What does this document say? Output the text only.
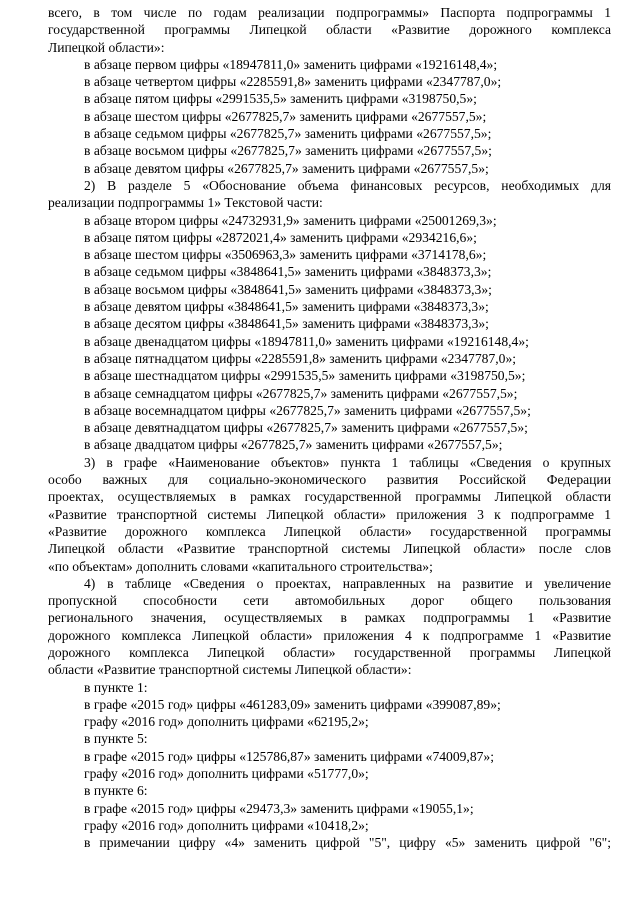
всего, в том числе по годам реализации подпрограммы» Паспорта подпрограммы 1
государственной программы Липецкой области «Развитие дорожного комплекса
Липецкой области»:
в абзаце первом цифры «18947811,0» заменить цифрами «19216148,4»;
в абзаце четвертом цифры «2285591,8» заменить цифрами «2347787,0»;
в абзаце пятом цифры «2991535,5» заменить цифрами «3198750,5»;
в абзаце шестом цифры «2677825,7» заменить цифрами «2677557,5»;
в абзаце седьмом цифры «2677825,7» заменить цифрами «2677557,5»;
в абзаце восьмом цифры «2677825,7» заменить цифрами «2677557,5»;
в абзаце девятом цифры «2677825,7» заменить цифрами «2677557,5»;
2) В разделе 5 «Обоснование объема финансовых ресурсов, необходимых для
реализации подпрограммы 1» Текстовой части:
в абзаце втором цифры «24732931,9» заменить цифрами «25001269,3»;
в абзаце пятом цифры «2872021,4» заменить цифрами «2934216,6»;
в абзаце шестом цифры «3506963,3» заменить цифрами «3714178,6»;
в абзаце седьмом цифры «3848641,5» заменить цифрами «3848373,3»;
в абзаце восьмом цифры «3848641,5» заменить цифрами «3848373,3»;
в абзаце девятом цифры «3848641,5» заменить цифрами «3848373,3»;
в абзаце десятом цифры «3848641,5» заменить цифрами «3848373,3»;
в абзаце двенадцатом цифры «18947811,0» заменить цифрами «19216148,4»;
в абзаце пятнадцатом цифры «2285591,8» заменить цифрами «2347787,0»;
в абзаце шестнадцатом цифры «2991535,5» заменить цифрами «3198750,5»;
в абзаце семнадцатом цифры «2677825,7» заменить цифрами «2677557,5»;
в абзаце восемнадцатом цифры «2677825,7» заменить цифрами «2677557,5»;
в абзаце девятнадцатом цифры «2677825,7» заменить цифрами «2677557,5»;
в абзаце двадцатом цифры «2677825,7» заменить цифрами «2677557,5»;
3) в графе «Наименование объектов» пункта 1 таблицы «Сведения о крупных
особо важных для социально-экономического развития Российской Федерации
проектах, осуществляемых в рамках государственной программы Липецкой области
«Развитие транспортной системы Липецкой области» приложения 3 к подпрограмме 1
«Развитие дорожного комплекса Липецкой области» государственной программы
Липецкой области «Развитие транспортной системы Липецкой области» после слов
«по объектам» дополнить словами «капитального строительства»;
4) в таблице «Сведения о проектах, направленных на развитие и увеличение
пропускной способности сети автомобильных дорог общего пользования
регионального значения, осуществляемых в рамках подпрограммы 1 «Развитие
дорожного комплекса Липецкой области» приложения 4 к подпрограмме 1 «Развитие
дорожного комплекса Липецкой области» государственной программы Липецкой
области «Развитие транспортной системы Липецкой области»:
в пункте 1:
в графе «2015 год» цифры «461283,09» заменить цифрами «399087,89»;
графу «2016 год» дополнить цифрами «62195,2»;
в пункте 5:
в графе «2015 год» цифры «125786,87» заменить цифрами «74009,87»;
графу «2016 год» дополнить цифрами «51777,0»;
в пункте 6:
в графе «2015 год» цифры «29473,3» заменить цифрами «19055,1»;
графу «2016 год» дополнить цифрами «10418,2»;
в примечании цифру «4» заменить цифрой "5", цифру «5» заменить цифрой "6";
